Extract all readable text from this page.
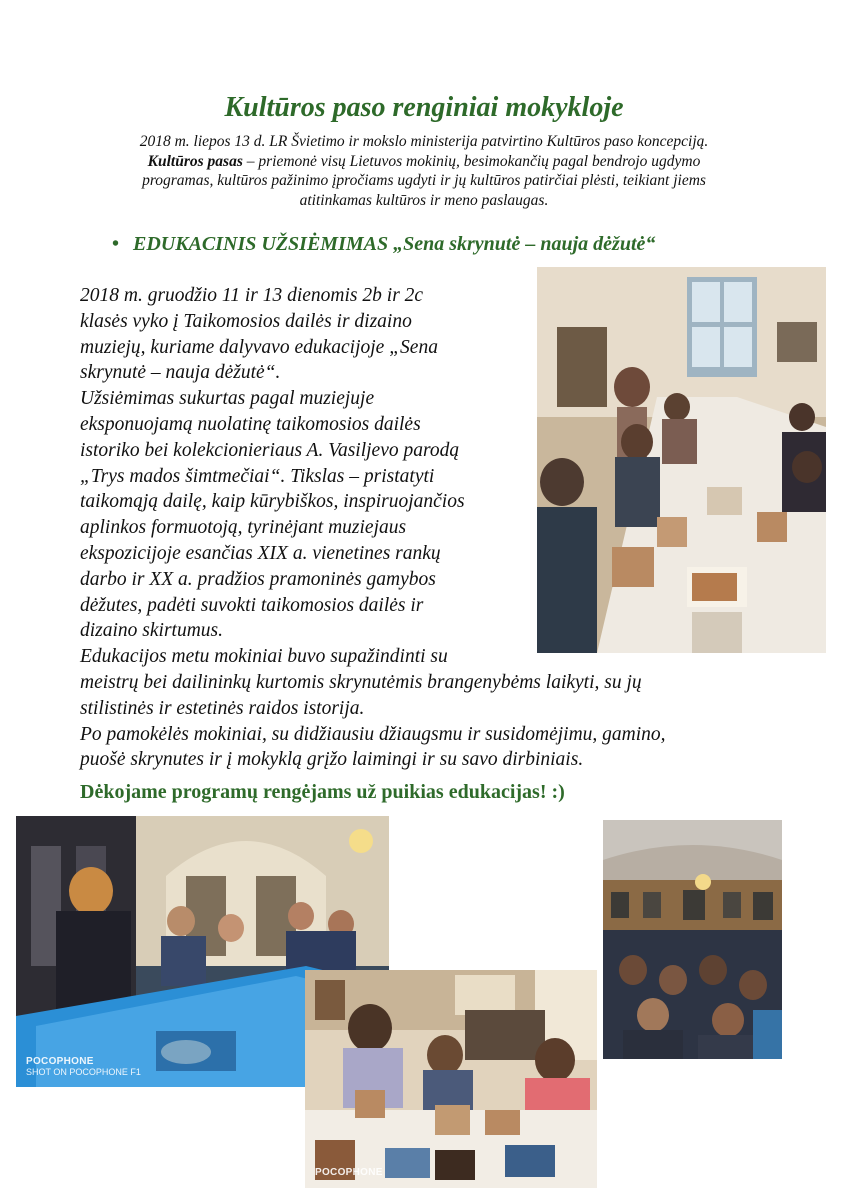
Kultūros paso renginiai mokykloje
2018 m. liepos 13 d. LR Švietimo ir mokslo ministerija patvirtino Kultūros paso koncepciją.
Kultūros pasas – priemonė visų Lietuvos mokinių, besimokančių pagal bendrojo ugdymo
programas, kultūros pažinimo įpročiams ugdyti ir jų kultūros patirčiai plėsti, teikiant jiems
atitinkamas kultūros ir meno paslaugas.
• EDUKACINIS UŽSIĖMIMAS „Sena skrynutė – nauja dėžutė“
2018 m. gruodžio 11 ir 13 dienomis 2b ir 2c
klasės vyko į Taikomosios dailės ir dizaino
muziejų, kuriame dalyvavo edukacijoje „Sena
skrynutė – nauja dėžutė“.
Užsiėmimas sukurtas pagal muziejuje
eksponuojamą nuolatinę taikomosios dailės
istoriko bei kolekcionieriaus A. Vasiljevo parodą
„Trys mados šimtmečiai“. Tikslas – pristatyti
taikomąją dailę, kaip kūrybiškos, inspiruojančios
aplinkos formuotoją, tyrinėjant muziejaus
ekspozicijoje esančias XIX a. vienetines rankų
darbo ir XX a. pradžios pramoninės gamybos
dėžutes, padėti suvokti taikomosios dailės ir
dizaino skirtumus.
Edukacijos metu mokiniai buvo supažindinti su
meistrų bei dailininkų kurtomis skrynutėmis brangenybėms laikyti, su jų
stilistinės ir estetinės raidos istorija.
Po pamokėlės mokiniai, su didžiausiu džiaugsmu ir susidomėjimu, gamino,
puošė skrynutes ir į mokyklą grįžo laimingi ir su savo dirbiniais.
Dėkojame programų rengėjams už puikias edukacijas! :)
POCOPHONE
SHOT ON POCOPHONE F1
POCOPHONE
